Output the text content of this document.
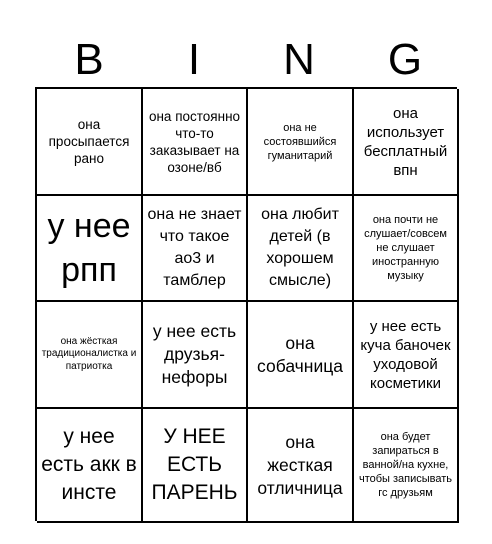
B	I	N	G
она просыпается рано
она постоянно что-то заказывает на озоне/вб
она не состоявшийся гуманитарий
она использует бесплатный впн
у нее рпп
она не знает что такое ао3 и тамблер
она любит детей (в хорошем смысле)
она почти не слушает/совсем не слушает иностранную музыку
она жёсткая традиционалистка и патриотка
у нее есть друзья-нефоры
она собачница
у нее есть куча баночек уходовой косметики
у нее есть акк в инсте
У НЕЕ ЕСТЬ ПАРЕНЬ
она жесткая отличница
она будет запираться в ванной/на кухне, чтобы записывать гс друзьям
